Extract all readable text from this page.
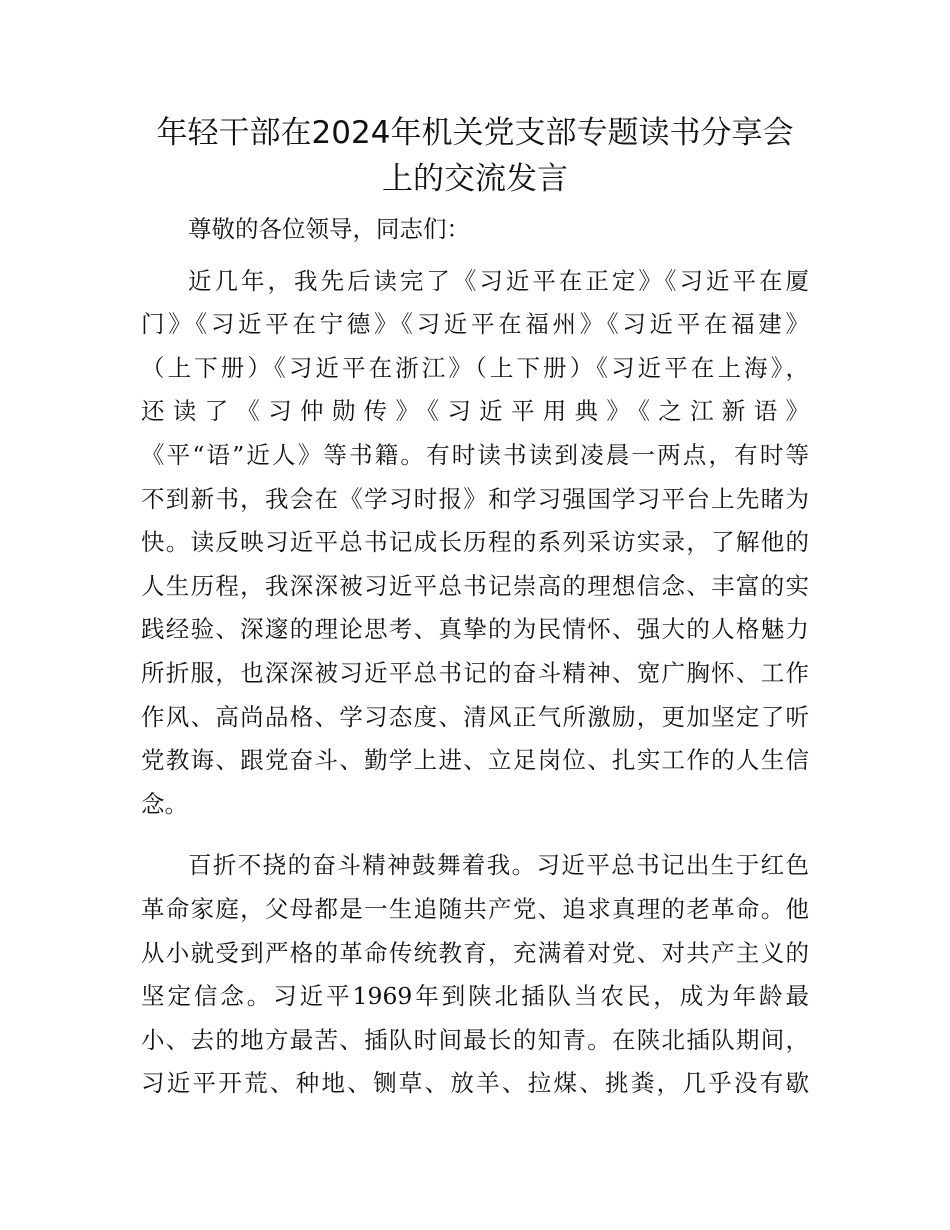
年轻干部在2024年机关党支部专题读书分享会
上的交流发言
尊敬的各位领导，同志们：
近几年，我先后读完了《习近平在正定》《习近平在厦
门》《习近平在宁德》《习近平在福州》《习近平在福建》
（上下册）《习近平在浙江》（上下册）《习近平在上海》，
还读了《习仲勋传》《习近平用典》《之江新语》
《平“语”近人》等书籍。有时读书读到凌晨一两点，有时等
不到新书，我会在《学习时报》和学习强国学习平台上先睹为
快。读反映习近平总书记成长历程的系列采访实录，了解他的
人生历程，我深深被习近平总书记崇高的理想信念、丰富的实
践经验、深邃的理论思考、真挚的为民情怀、强大的人格魅力
所折服，也深深被习近平总书记的奋斗精神、宽广胸怀、工作
作风、高尚品格、学习态度、清风正气所激励，更加坚定了听
党教诲、跟党奋斗、勤学上进、立足岗位、扎实工作的人生信
念。
百折不挠的奋斗精神鼓舞着我。习近平总书记出生于红色
革命家庭，父母都是一生追随共产党、追求真理的老革命。他
从小就受到严格的革命传统教育，充满着对党、对共产主义的
坚定信念。习近平1969年到陕北插队当农民，成为年龄最
小、去的地方最苦、插队时间最长的知青。在陕北插队期间，
习近平开荒、种地、铡草、放羊、拉煤、挑粪，几乎没有歇
